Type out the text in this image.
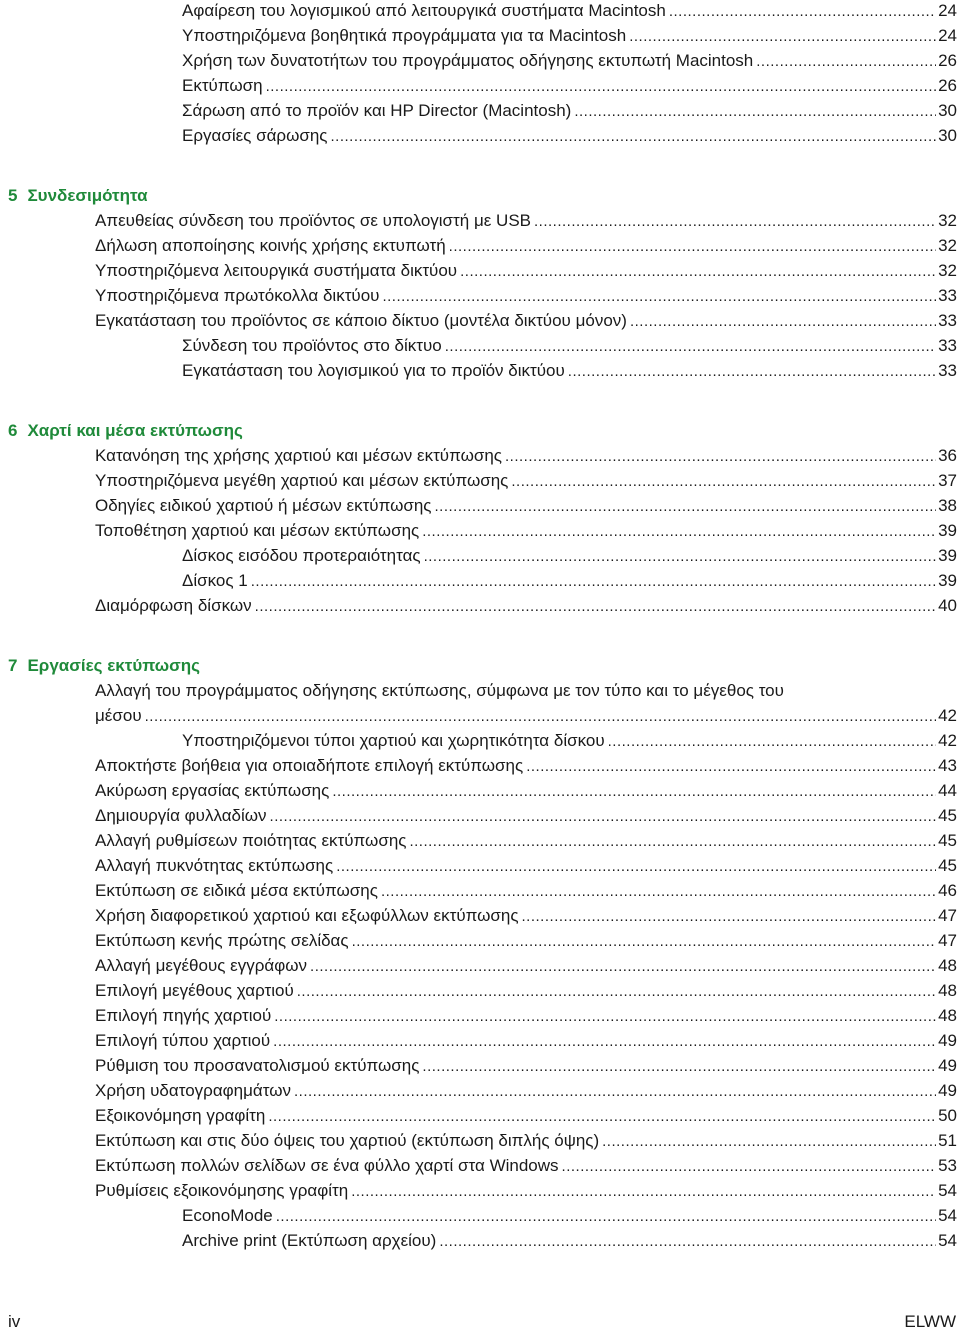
Αφαίρεση του λογισμικού από λειτουργικά συστήματα Macintosh .....	24
Υποστηριζόμενα βοηθητικά προγράμματα για τα Macintosh .....	24
Χρήση των δυνατοτήτων του προγράμματος οδήγησης εκτυπωτή Macintosh .....	26
Εκτύπωση .....	26
Σάρωση από το προϊόν και HP Director (Macintosh) .....	30
Εργασίες σάρωσης .....	30
5 Συνδεσιμότητα
Απευθείας σύνδεση του προϊόντος σε υπολογιστή με USB .....	32
Δήλωση αποποίησης κοινής χρήσης εκτυπωτή .....	32
Υποστηριζόμενα λειτουργικά συστήματα δικτύου .....	32
Υποστηριζόμενα πρωτόκολλα δικτύου .....	33
Εγκατάσταση του προϊόντος σε κάποιο δίκτυο (μοντέλα δικτύου μόνον) .....	33
Σύνδεση του προϊόντος στο δίκτυο .....	33
Εγκατάσταση του λογισμικού για το προϊόν δικτύου .....	33
6 Χαρτί και μέσα εκτύπωσης
Κατανόηση της χρήσης χαρτιού και μέσων εκτύπωσης .....	36
Υποστηριζόμενα μεγέθη χαρτιού και μέσων εκτύπωσης .....	37
Οδηγίες ειδικού χαρτιού ή μέσων εκτύπωσης .....	38
Τοποθέτηση χαρτιού και μέσων εκτύπωσης .....	39
Δίσκος εισόδου προτεραιότητας .....	39
Δίσκος 1 .....	39
Διαμόρφωση δίσκων .....	40
7 Εργασίες εκτύπωσης
Αλλαγή του προγράμματος οδήγησης εκτύπωσης, σύμφωνα με τον τύπο και το μέγεθος του
μέσου .....	42
Υποστηριζόμενοι τύποι χαρτιού και χωρητικότητα δίσκου .....	42
Αποκτήστε βοήθεια για οποιαδήποτε επιλογή εκτύπωσης .....	43
Ακύρωση εργασίας εκτύπωσης .....	44
Δημιουργία φυλλαδίων .....	45
Αλλαγή ρυθμίσεων ποιότητας εκτύπωσης .....	45
Αλλαγή πυκνότητας εκτύπωσης .....	45
Εκτύπωση σε ειδικά μέσα εκτύπωσης .....	46
Χρήση διαφορετικού χαρτιού και εξωφύλλων εκτύπωσης .....	47
Εκτύπωση κενής πρώτης σελίδας .....	47
Αλλαγή μεγέθους εγγράφων .....	48
Επιλογή μεγέθους χαρτιού .....	48
Επιλογή πηγής χαρτιού .....	48
Επιλογή τύπου χαρτιού .....	49
Ρύθμιση του προσανατολισμού εκτύπωσης .....	49
Χρήση υδατογραφημάτων .....	49
Εξοικονόμηση γραφίτη .....	50
Εκτύπωση και στις δύο όψεις του χαρτιού (εκτύπωση διπλής όψης) .....	51
Εκτύπωση πολλών σελίδων σε ένα φύλλο χαρτί στα Windows .....	53
Ρυθμίσεις εξοικονόμησης γραφίτη .....	54
EconoMode .....	54
Archive print (Εκτύπωση αρχείου) .....	54
iv	ELWW
